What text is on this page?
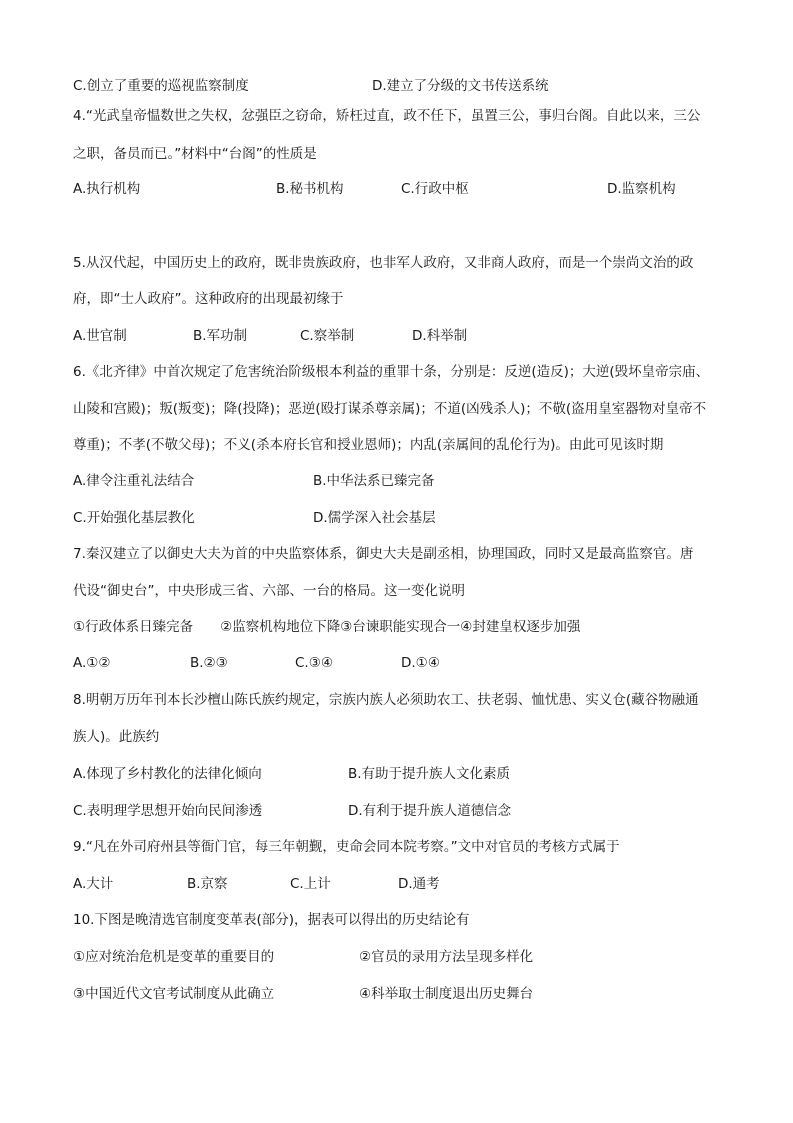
C.创立了重要的巡视监察制度	D.建立了分级的文书传送系统
4.“光武皇帝愠数世之失权，忿强臣之窃命，矫枉过直，政不任下，虽置三公，事归台阁。自此以来，三公
之职，备员而已。”材料中“台阁”的性质是
A.执行机构	B.秘书机构	C.行政中枢	D.监察机构
5.从汉代起，中国历史上的政府，既非贵族政府，也非军人政府，又非商人政府，而是一个崇尚文治的政
府，即“士人政府”。这种政府的出现最初缘于
A.世官制	B.军功制	C.察举制	D.科举制
6.《北齐律》中首次规定了危害统治阶级根本利益的重罪十条，分别是：反逆(造反)；大逆(毁坏皇帝宗庙、
山陵和宫殿)；叛(叛变)；降(投降)；恶逆(殴打谋杀尊亲属)；不道(凶残杀人)；不敬(盗用皇室器物对皇帝不
尊重)；不孝(不敬父母)；不义(杀本府长官和授业恩师)；内乱(亲属间的乱伦行为)。由此可见该时期
A.律令注重礼法结合	B.中华法系已臻完备
C.开始强化基层教化	D.儒学深入社会基层
7.秦汉建立了以御史大夫为首的中央监察体系，御史大夫是副丞相，协理国政，同时又是最高监察官。唐
代设“御史台”，中央形成三省、六部、一台的格局。这一变化说明
①行政体系日臻完备　　②监察机构地位下降③台谏职能实现合一④封建皇权逐步加强
A.①②	B.②③	C.③④	D.①④
8.明朝万历年刊本长沙檀山陈氏族约规定，宗族内族人必须助农工、扶老弱、恤忧患、实义仓(藏谷物融通
族人)。此族约
A.体现了乡村教化的法律化倾向	B.有助于提升族人文化素质
C.表明理学思想开始向民间渗透	D.有利于提升族人道德信念
9.“凡在外司府州县等衙门官，每三年朝觐，吏命会同本院考察。”文中对官员的考核方式属于
A.大计	B.京察	C.上计	D.通考
10.下图是晚清选官制度变革表(部分)，据表可以得出的历史结论有
①应对统治危机是变革的重要目的	②官员的录用方法呈现多样化
③中国近代文官考试制度从此确立	④科举取士制度退出历史舞台
